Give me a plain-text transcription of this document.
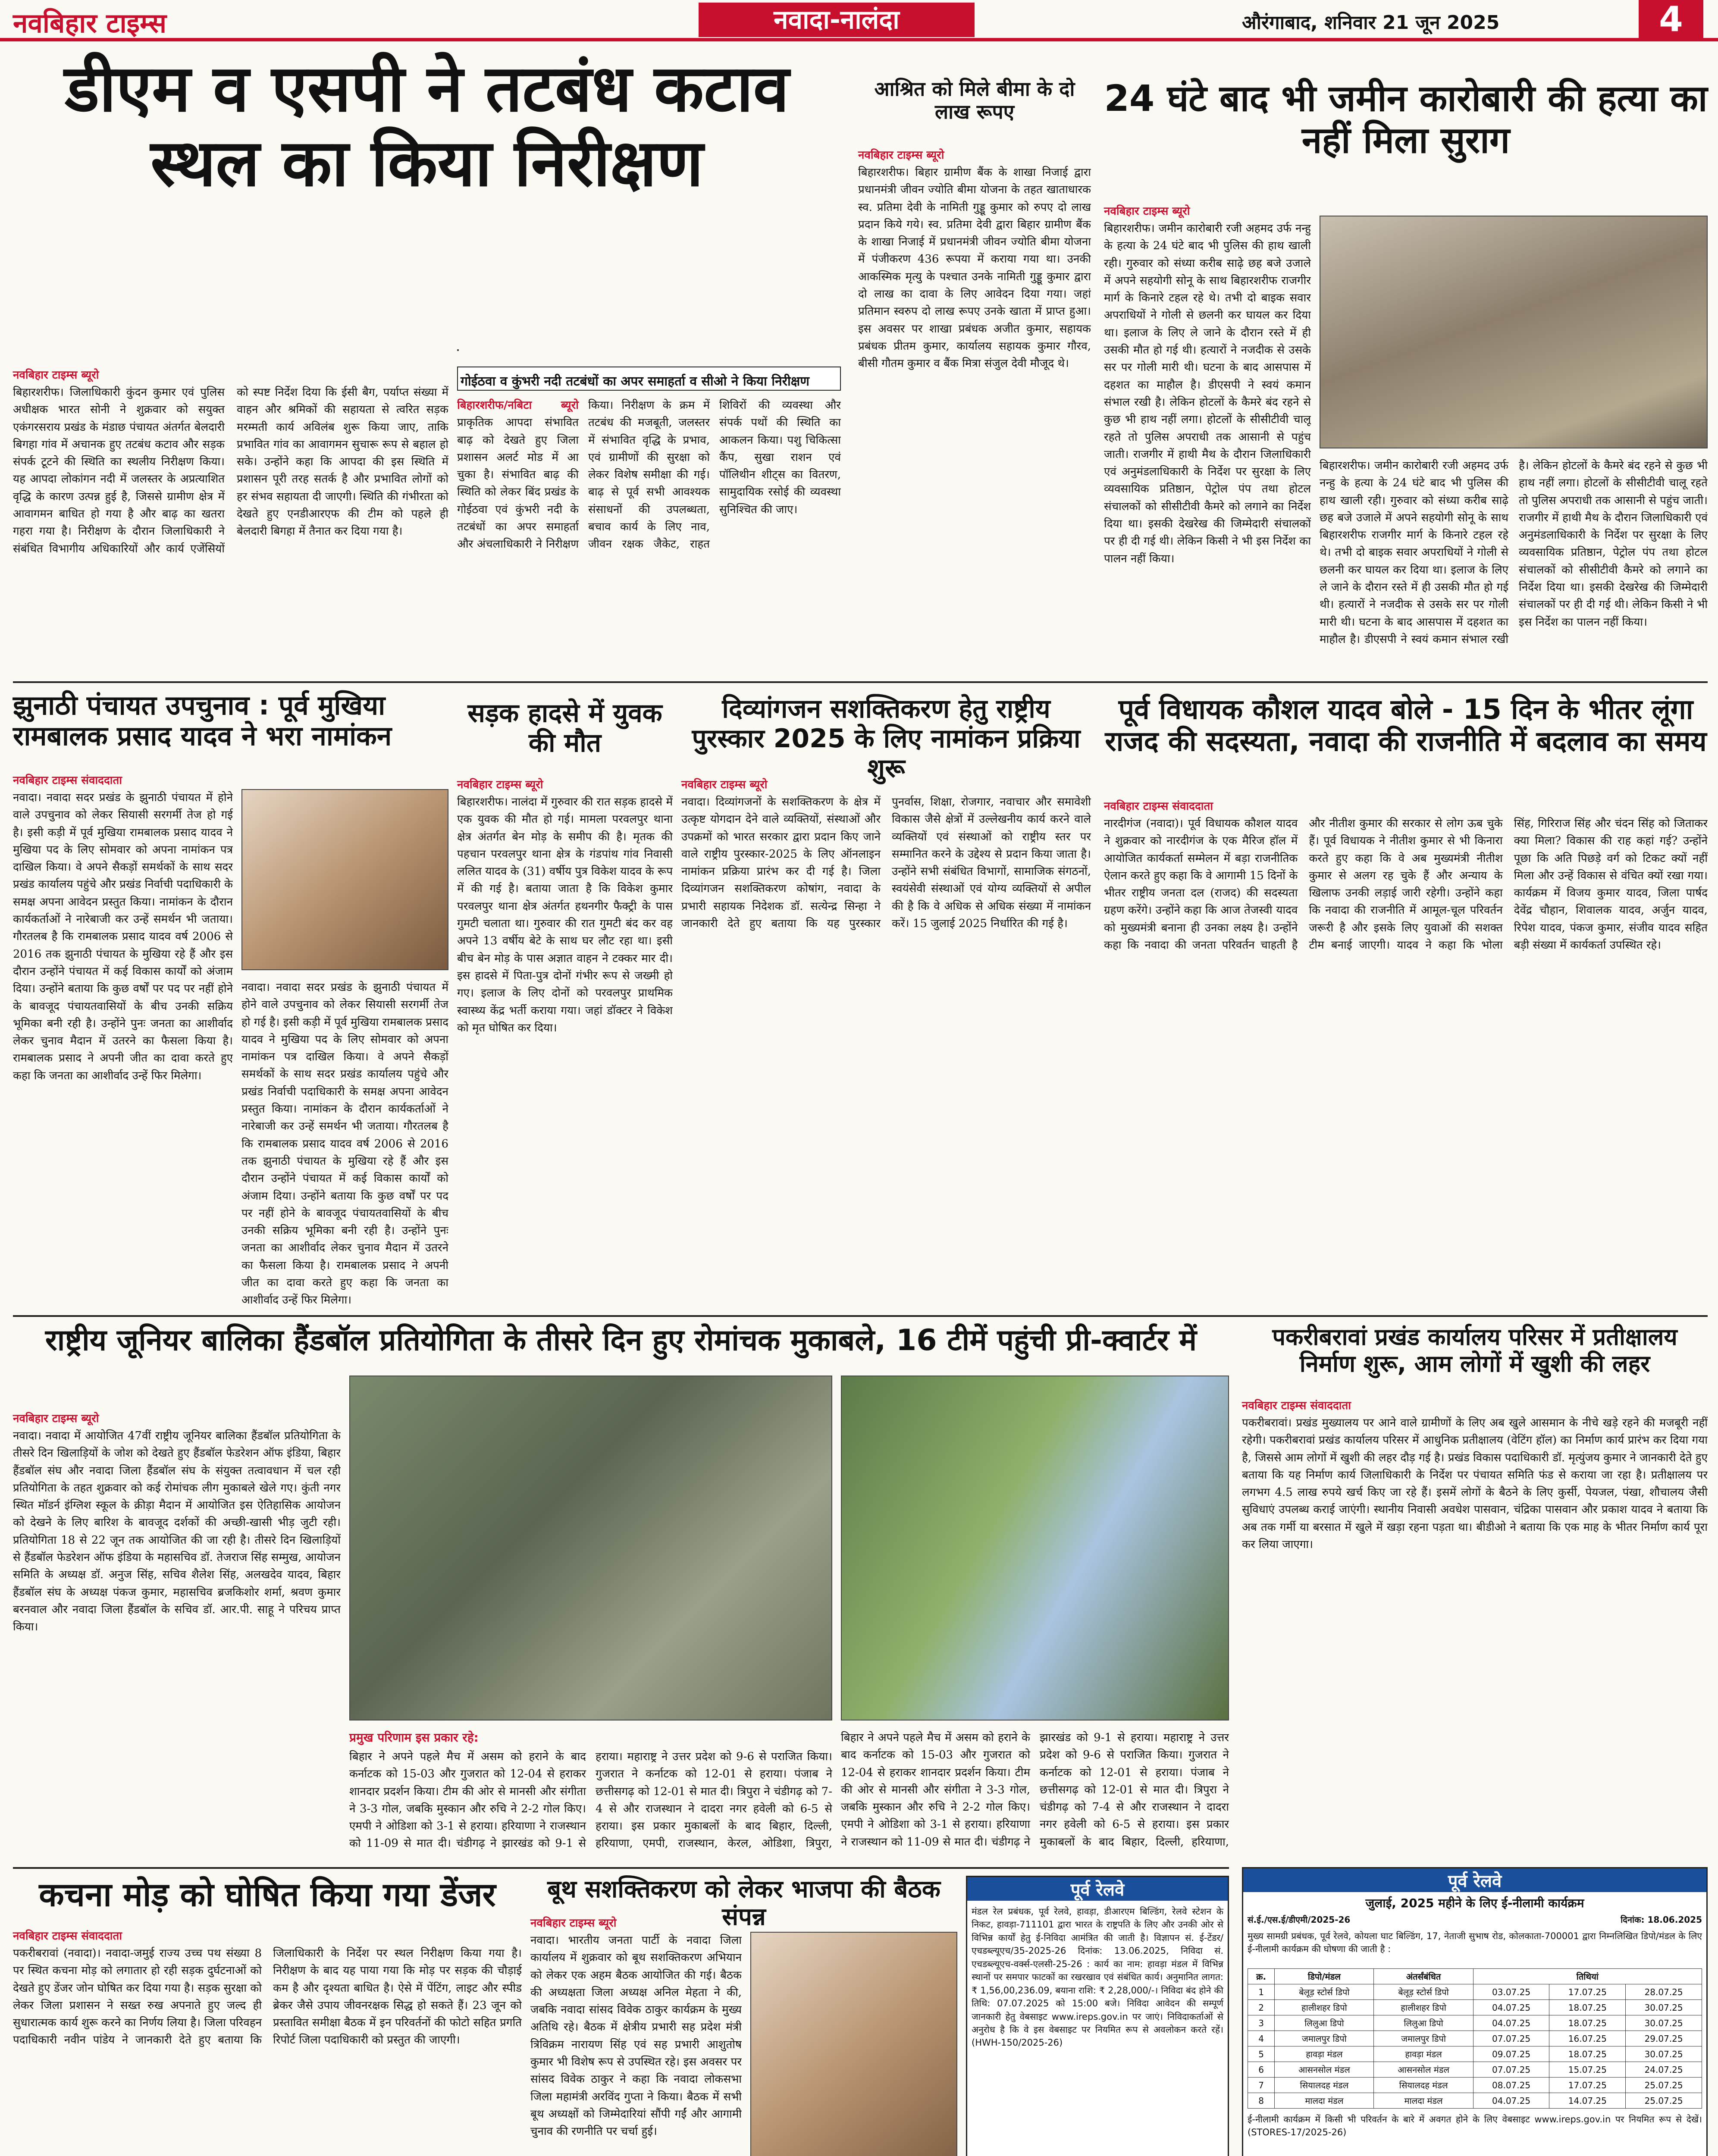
नवबिहार टाइम्स	नवादा-नालंदा	औरंगाबाद, शनिवार 21 जून 2025	4
डीएम व एसपी ने तटबंध कटाव स्थल का किया निरीक्षण
नवबिहार टाइम्स ब्यूरो
बिहारशरीफ। जिलाधिकारी कुंदन कुमार एवं पुलिस अधीक्षक भारत सोनी ने शुक्रवार को सयुक्त एकंगरसराय प्रखंड के मंडाछ पंचायत अंतर्गत बेलदारी बिगहा गांव में अचानक हुए तटबंध कटाव और सड़क संपर्क टूटने की स्थिति का स्थलीय निरीक्षण किया। यह आपदा लोकांगन नदी में जलस्तर के अप्रत्याशित वृद्धि के कारण उत्पन्न हुई है, जिससे ग्रामीण क्षेत्र में आवागमन बाधित हो गया है और बाढ़ का खतरा गहरा गया है। निरीक्षण के दौरान जिलाधिकारी ने संबंधित विभागीय अधिकारियों और कार्य एजेंसियों को स्पष्ट निर्देश दिया कि ईसी बैग, पर्याप्त संख्या में वाहन और श्रमिकों की सहायता से त्वरित सड़क मरम्मती कार्य अविलंब शुरू किया जाए, ताकि प्रभावित गांव का आवागमन सुचारू रूप से बहाल हो सके। उन्होंने कहा कि आपदा की इस स्थिति में प्रशासन पूरी तरह सतर्क है और प्रभावित लोगों को हर संभव सहायता दी जाएगी। स्थिति की गंभीरता को देखते हुए एनडीआरएफ की टीम को पहले ही बेलदारी बिगहा में तैनात कर दिया गया है।
गोईठवा व कुंभरी नदी तटबंधों का अपर समाहर्ता व सीओ ने किया निरीक्षण
बिहारशरीफ/नबिटा ब्यूरो प्राकृतिक आपदा संभावित बाढ़ को देखते हुए जिला प्रशासन अलर्ट मोड में आ चुका है। संभावित बाढ़ की स्थिति को लेकर बिंद प्रखंड के गोईठवा एवं कुंभरी नदी के तटबंधों का अपर समाहर्ता और अंचलाधिकारी ने निरीक्षण किया। निरीक्षण के क्रम में तटबंध की मजबूती, जलस्तर में संभावित वृद्धि के प्रभाव, एवं ग्रामीणों की सुरक्षा को लेकर विशेष समीक्षा की गई। बाढ़ से पूर्व सभी आवश्यक संसाधनों की उपलब्धता, बचाव कार्य के लिए नाव, जीवन रक्षक जैकेट, राहत शिविरों की व्यवस्था और संपर्क पथों की स्थिति का आकलन किया। पशु चिकित्सा कैंप, सुखा राशन एवं पॉलिथीन शीट्स का वितरण, सामुदायिक रसोई की व्यवस्था सुनिश्चित की जाए।
आश्रित को मिले बीमा के दो लाख रूपए
नवबिहार टाइम्स ब्यूरो
बिहारशरीफ। बिहार ग्रामीण बैंक के शाखा निजाई द्वारा प्रधानमंत्री जीवन ज्योति बीमा योजना के तहत खाताधारक स्व. प्रतिमा देवी के नामिती गुड्डू कुमार को रुपए दो लाख प्रदान किये गये। स्व. प्रतिमा देवी द्वारा बिहार ग्रामीण बैंक के शाखा निजाई में प्रधानमंत्री जीवन ज्योति बीमा योजना में पंजीकरण 436 रूपया में कराया गया था। उनकी आकस्मिक मृत्यु के पश्चात उनके नामिती गुड्डू कुमार द्वारा दो लाख का दावा के लिए आवेदन दिया गया। जहां प्रतिमान स्वरुप दो लाख रूपए उनके खाता में प्राप्त हुआ। इस अवसर पर शाखा प्रबंधक अजीत कुमार, सहायक प्रबंधक प्रीतम कुमार, कार्यालय सहायक कुमार गौरव, बीसी गौतम कुमार व बैंक मित्रा संजुल देवी मौजूद थे।
24 घंटे बाद भी जमीन कारोबारी की हत्या का नहीं मिला सुराग
नवबिहार टाइम्स ब्यूरो
बिहारशरीफ। जमीन कारोबारी रजी अहमद उर्फ नन्हु के हत्या के 24 घंटे बाद भी पुलिस की हाथ खाली रही। गुरुवार को संध्या करीब साढ़े छह बजे उजाले में अपने सहयोगी सोनू के साथ बिहारशरीफ राजगीर मार्ग के किनारे टहल रहे थे। तभी दो बाइक सवार अपराधियों ने गोली से छलनी कर घायल कर दिया था। इलाज के लिए ले जाने के दौरान रस्ते में ही उसकी मौत हो गई थी। हत्यारों ने नजदीक से उसके सर पर गोली मारी थी। घटना के बाद आसपास में दहशत का माहौल है। डीएसपी ने स्वयं कमान संभाल रखी है। लेकिन होटलों के कैमरे बंद रहने से कुछ भी हाथ नहीं लगा। होटलों के सीसीटीवी चालू रहते तो पुलिस अपराधी तक आसानी से पहुंच जाती। राजगीर में हाथी मैथ के दौरान जिलाधिकारी एवं अनुमंडलाधिकारी के निर्देश पर सुरक्षा के लिए व्यवसायिक प्रतिष्ठान, पेट्रोल पंप तथा होटल संचालकों को सीसीटीवी कैमरे को लगाने का निर्देश दिया था। इसकी देखरेख की जिम्मेदारी संचालकों पर ही दी गई थी। लेकिन किसी ने भी इस निर्देश का पालन नहीं किया।
बिहारशरीफ। जमीन कारोबारी रजी अहमद उर्फ नन्हु के हत्या के 24 घंटे बाद भी पुलिस की हाथ खाली रही। गुरुवार को संध्या करीब साढ़े छह बजे उजाले में अपने सहयोगी सोनू के साथ बिहारशरीफ राजगीर मार्ग के किनारे टहल रहे थे। तभी दो बाइक सवार अपराधियों ने गोली से छलनी कर घायल कर दिया था। इलाज के लिए ले जाने के दौरान रस्ते में ही उसकी मौत हो गई थी। हत्यारों ने नजदीक से उसके सर पर गोली मारी थी। घटना के बाद आसपास में दहशत का माहौल है। डीएसपी ने स्वयं कमान संभाल रखी है। लेकिन होटलों के कैमरे बंद रहने से कुछ भी हाथ नहीं लगा। होटलों के सीसीटीवी चालू रहते तो पुलिस अपराधी तक आसानी से पहुंच जाती। राजगीर में हाथी मैथ के दौरान जिलाधिकारी एवं अनुमंडलाधिकारी के निर्देश पर सुरक्षा के लिए व्यवसायिक प्रतिष्ठान, पेट्रोल पंप तथा होटल संचालकों को सीसीटीवी कैमरे को लगाने का निर्देश दिया था। इसकी देखरेख की जिम्मेदारी संचालकों पर ही दी गई थी। लेकिन किसी ने भी इस निर्देश का पालन नहीं किया।
झुनाठी पंचायत उपचुनाव : पूर्व मुखिया रामबालक प्रसाद यादव ने भरा नामांकन
नवबिहार टाइम्स संवाददाता
नवादा। नवादा सदर प्रखंड के झुनाठी पंचायत में होने वाले उपचुनाव को लेकर सियासी सरगर्मी तेज हो गई है। इसी कड़ी में पूर्व मुखिया रामबालक प्रसाद यादव ने मुखिया पद के लिए सोमवार को अपना नामांकन पत्र दाखिल किया। वे अपने सैकड़ों समर्थकों के साथ सदर प्रखंड कार्यालय पहुंचे और प्रखंड निर्वाची पदाधिकारी के समक्ष अपना आवेदन प्रस्तुत किया। नामांकन के दौरान कार्यकर्ताओं ने नारेबाजी कर उन्हें समर्थन भी जताया। गौरतलब है कि रामबालक प्रसाद यादव वर्ष 2006 से 2016 तक झुनाठी पंचायत के मुखिया रहे हैं और इस दौरान उन्होंने पंचायत में कई विकास कार्यों को अंजाम दिया। उन्होंने बताया कि कुछ वर्षों पर पद पर नहीं होने के बावजूद पंचायतवासियों के बीच उनकी सक्रिय भूमिका बनी रही है। उन्होंने पुनः जनता का आशीर्वाद लेकर चुनाव मैदान में उतरने का फैसला किया है। रामबालक प्रसाद ने अपनी जीत का दावा करते हुए कहा कि जनता का आशीर्वाद उन्हें फिर मिलेगा।
नवादा। नवादा सदर प्रखंड के झुनाठी पंचायत में होने वाले उपचुनाव को लेकर सियासी सरगर्मी तेज हो गई है। इसी कड़ी में पूर्व मुखिया रामबालक प्रसाद यादव ने मुखिया पद के लिए सोमवार को अपना नामांकन पत्र दाखिल किया। वे अपने सैकड़ों समर्थकों के साथ सदर प्रखंड कार्यालय पहुंचे और प्रखंड निर्वाची पदाधिकारी के समक्ष अपना आवेदन प्रस्तुत किया। नामांकन के दौरान कार्यकर्ताओं ने नारेबाजी कर उन्हें समर्थन भी जताया। गौरतलब है कि रामबालक प्रसाद यादव वर्ष 2006 से 2016 तक झुनाठी पंचायत के मुखिया रहे हैं और इस दौरान उन्होंने पंचायत में कई विकास कार्यों को अंजाम दिया। उन्होंने बताया कि कुछ वर्षों पर पद पर नहीं होने के बावजूद पंचायतवासियों के बीच उनकी सक्रिय भूमिका बनी रही है। उन्होंने पुनः जनता का आशीर्वाद लेकर चुनाव मैदान में उतरने का फैसला किया है। रामबालक प्रसाद ने अपनी जीत का दावा करते हुए कहा कि जनता का आशीर्वाद उन्हें फिर मिलेगा।
सड़क हादसे में युवक की मौत
नवबिहार टाइम्स ब्यूरो
बिहारशरीफ। नालंदा में गुरुवार की रात सड़क हादसे में एक युवक की मौत हो गई। मामला परवलपुर थाना क्षेत्र अंतर्गत बेन मोड़ के समीप की है। मृतक की पहचान परवलपुर थाना क्षेत्र के गंडपांथ गांव निवासी ललित यादव के (31) वर्षीय पुत्र विकेश यादव के रूप में की गई है। बताया जाता है कि विकेश कुमार परवलपुर थाना क्षेत्र अंतर्गत हथनगीर फैक्ट्री के पास गुमटी चलाता था। गुरुवार की रात गुमटी बंद कर वह अपने 13 वर्षीय बेटे के साथ घर लौट रहा था। इसी बीच बेन मोड़ के पास अज्ञात वाहन ने टक्कर मार दी। इस हादसे में पिता-पुत्र दोनों गंभीर रूप से जख्मी हो गए। इलाज के लिए दोनों को परवलपुर प्राथमिक स्वास्थ्य केंद्र भर्ती कराया गया। जहां डॉक्टर ने विकेश को मृत घोषित कर दिया।
दिव्यांगजन सशक्तिकरण हेतु राष्ट्रीय पुरस्कार 2025 के लिए नामांकन प्रक्रिया शुरू
नवबिहार टाइम्स ब्यूरो
नवादा। दिव्यांगजनों के सशक्तिकरण के क्षेत्र में उत्कृष्ट योगदान देने वाले व्यक्तियों, संस्थाओं और उपक्रमों को भारत सरकार द्वारा प्रदान किए जाने वाले राष्ट्रीय पुरस्कार-2025 के लिए ऑनलाइन नामांकन प्रक्रिया प्रारंभ कर दी गई है। जिला दिव्यांगजन सशक्तिकरण कोषांग, नवादा के प्रभारी सहायक निदेशक डॉ. सत्येन्द्र सिन्हा ने जानकारी देते हुए बताया कि यह पुरस्कार पुनर्वास, शिक्षा, रोजगार, नवाचार और समावेशी विकास जैसे क्षेत्रों में उल्लेखनीय कार्य करने वाले व्यक्तियों एवं संस्थाओं को राष्ट्रीय स्तर पर सम्मानित करने के उद्देश्य से प्रदान किया जाता है। उन्होंने सभी संबंधित विभागों, सामाजिक संगठनों, स्वयंसेवी संस्थाओं एवं योग्य व्यक्तियों से अपील की है कि वे अधिक से अधिक संख्या में नामांकन करें। 15 जुलाई 2025 निर्धारित की गई है।
पूर्व विधायक कौशल यादव बोले - 15 दिन के भीतर लूंगा राजद की सदस्यता, नवादा की राजनीति में बदलाव का समय
नवबिहार टाइम्स संवाददाता
नारदीगंज (नवादा)। पूर्व विधायक कौशल यादव ने शुक्रवार को नारदीगंज के एक मैरिज हॉल में आयोजित कार्यकर्ता सम्मेलन में बड़ा राजनीतिक ऐलान करते हुए कहा कि वे आगामी 15 दिनों के भीतर राष्ट्रीय जनता दल (राजद) की सदस्यता ग्रहण करेंगे। उन्होंने कहा कि आज तेजस्वी यादव को मुख्यमंत्री बनाना ही उनका लक्ष्य है। उन्होंने कहा कि नवादा की जनता परिवर्तन चाहती है और नीतीश कुमार की सरकार से लोग ऊब चुके हैं। पूर्व विधायक ने नीतीश कुमार से भी किनारा करते हुए कहा कि वे अब मुख्यमंत्री नीतीश कुमार से अलग रह चुके हैं और अन्याय के खिलाफ उनकी लड़ाई जारी रहेगी। उन्होंने कहा कि नवादा की राजनीति में आमूल-चूल परिवर्तन जरूरी है और इसके लिए युवाओं की सशक्त टीम बनाई जाएगी। यादव ने कहा कि भोला सिंह, गिरिराज सिंह और चंदन सिंह को जिताकर क्या मिला? विकास की राह कहां गई? उन्होंने पूछा कि अति पिछड़े वर्ग को टिकट क्यों नहीं मिला और उन्हें विकास से वंचित क्यों रखा गया। कार्यक्रम में विजय कुमार यादव, जिला पार्षद देवेंद्र चौहान, शिवालक यादव, अर्जुन यादव, रिपेश यादव, पंकज कुमार, संजीव यादव सहित बड़ी संख्या में कार्यकर्ता उपस्थित रहे।
राष्ट्रीय जूनियर बालिका हैंडबॉल प्रतियोगिता के तीसरे दिन हुए रोमांचक मुकाबले, 16 टीमें पहुंची प्री-क्वार्टर में
नवबिहार टाइम्स ब्यूरो
नवादा। नवादा में आयोजित 47वीं राष्ट्रीय जूनियर बालिका हैंडबॉल प्रतियोगिता के तीसरे दिन खिलाड़ियों के जोश को देखते हुए हैंडबॉल फेडरेशन ऑफ इंडिया, बिहार हैंडबॉल संघ और नवादा जिला हैंडबॉल संघ के संयुक्त तत्वावधान में चल रही प्रतियोगिता के तहत शुक्रवार को कई रोमांचक लीग मुकाबले खेले गए। कुंती नगर स्थित मॉडर्न इंग्लिश स्कूल के क्रीड़ा मैदान में आयोजित इस ऐतिहासिक आयोजन को देखने के लिए बारिश के बावजूद दर्शकों की अच्छी-खासी भीड़ जुटी रही। प्रतियोगिता 18 से 22 जून तक आयोजित की जा रही है। तीसरे दिन खिलाड़ियों से हैंडबॉल फेडरेशन ऑफ इंडिया के महासचिव डॉ. तेजराज सिंह सम्मुख, आयोजन समिति के अध्यक्ष डॉ. अनुज सिंह, सचिव शैलेश सिंह, अलखदेव यादव, बिहार हैंडबॉल संघ के अध्यक्ष पंकज कुमार, महासचिव ब्रजकिशोर शर्मा, श्रवण कुमार बरनवाल और नवादा जिला हैंडबॉल के सचिव डॉ. आर.पी. साहू ने परिचय प्राप्त किया।
प्रमुख परिणाम इस प्रकार रहे:
बिहार ने अपने पहले मैच में असम को हराने के बाद कर्नाटक को 15-03 और गुजरात को 12-04 से हराकर शानदार प्रदर्शन किया। टीम की ओर से मानसी और संगीता ने 3-3 गोल, जबकि मुस्कान और रुचि ने 2-2 गोल किए। एमपी ने ओडिशा को 3-1 से हराया। हरियाणा ने राजस्थान को 11-09 से मात दी। चंडीगढ़ ने झारखंड को 9-1 से हराया। महाराष्ट्र ने उत्तर प्रदेश को 9-6 से पराजित किया। गुजरात ने कर्नाटक को 12-01 से हराया। पंजाब ने छत्तीसगढ़ को 12-01 से मात दी। त्रिपुरा ने चंडीगढ़ को 7-4 से और राजस्थान ने दादरा नगर हवेली को 6-5 से हराया। इस प्रकार मुकाबलों के बाद बिहार, दिल्ली, हरियाणा, एमपी, राजस्थान, केरल, ओडिशा, त्रिपुरा,
बिहार ने अपने पहले मैच में असम को हराने के बाद कर्नाटक को 15-03 और गुजरात को 12-04 से हराकर शानदार प्रदर्शन किया। टीम की ओर से मानसी और संगीता ने 3-3 गोल, जबकि मुस्कान और रुचि ने 2-2 गोल किए। एमपी ने ओडिशा को 3-1 से हराया। हरियाणा ने राजस्थान को 11-09 से मात दी। चंडीगढ़ ने झारखंड को 9-1 से हराया। महाराष्ट्र ने उत्तर प्रदेश को 9-6 से पराजित किया। गुजरात ने कर्नाटक को 12-01 से हराया। पंजाब ने छत्तीसगढ़ को 12-01 से मात दी। त्रिपुरा ने चंडीगढ़ को 7-4 से और राजस्थान ने दादरा नगर हवेली को 6-5 से हराया। इस प्रकार मुकाबलों के बाद बिहार, दिल्ली, हरियाणा,
पकरीबरावां प्रखंड कार्यालय परिसर में प्रतीक्षालय निर्माण शुरू, आम लोगों में खुशी की लहर
नवबिहार टाइम्स संवाददाता
पकरीबरावां। प्रखंड मुख्यालय पर आने वाले ग्रामीणों के लिए अब खुले आसमान के नीचे खड़े रहने की मजबूरी नहीं रहेगी। पकरीबरावां प्रखंड कार्यालय परिसर में आधुनिक प्रतीक्षालय (वेटिंग हॉल) का निर्माण कार्य प्रारंभ कर दिया गया है, जिससे आम लोगों में खुशी की लहर दौड़ गई है। प्रखंड विकास पदाधिकारी डॉ. मृत्युंजय कुमार ने जानकारी देते हुए बताया कि यह निर्माण कार्य जिलाधिकारी के निर्देश पर पंचायत समिति फंड से कराया जा रहा है। प्रतीक्षालय पर लगभग 4.5 लाख रुपये खर्च किए जा रहे हैं। इसमें लोगों के बैठने के लिए कुर्सी, पेयजल, पंखा, शौचालय जैसी सुविधाएं उपलब्ध कराई जाएंगी। स्थानीय निवासी अवधेश पासवान, चंद्रिका पासवान और प्रकाश यादव ने बताया कि अब तक गर्मी या बरसात में खुले में खड़ा रहना पड़ता था। बीडीओ ने बताया कि एक माह के भीतर निर्माण कार्य पूरा कर लिया जाएगा।
कचना मोड़ को घोषित किया गया डेंजर
नवबिहार टाइम्स संवाददाता
पकरीबरावां (नवादा)। नवादा-जमुई राज्य उच्च पथ संख्या 8 पर स्थित कचना मोड़ को लगातार हो रही सड़क दुर्घटनाओं को देखते हुए डेंजर जोन घोषित कर दिया गया है। सड़क सुरक्षा को लेकर जिला प्रशासन ने सख्त रुख अपनाते हुए जल्द ही सुधारात्मक कार्य शुरू करने का निर्णय लिया है। जिला परिवहन पदाधिकारी नवीन पांडेय ने जानकारी देते हुए बताया कि जिलाधिकारी के निर्देश पर स्थल निरीक्षण किया गया है। निरीक्षण के बाद यह पाया गया कि मोड़ पर सड़क की चौड़ाई कम है और दृश्यता बाधित है। ऐसे में पेंटिंग, लाइट और स्पीड ब्रेकर जैसे उपाय जीवनरक्षक सिद्ध हो सकते हैं। 23 जून को प्रस्तावित समीक्षा बैठक में इन परिवर्तनों की फोटो सहित प्रगति रिपोर्ट जिला पदाधिकारी को प्रस्तुत की जाएगी।
बूथ सशक्तिकरण को लेकर भाजपा की बैठक संपन्न
नवबिहार टाइम्स ब्यूरो
नवादा। भारतीय जनता पार्टी के नवादा जिला कार्यालय में शुक्रवार को बूथ सशक्तिकरण अभियान को लेकर एक अहम बैठक आयोजित की गई। बैठक की अध्यक्षता जिला अध्यक्ष अनिल मेहता ने की, जबकि नवादा सांसद विवेक ठाकुर कार्यक्रम के मुख्य अतिथि रहे। बैठक में क्षेत्रीय प्रभारी सह प्रदेश मंत्री त्रिविक्रम नारायण सिंह एवं सह प्रभारी आशुतोष कुमार भी विशेष रूप से उपस्थित रहे। इस अवसर पर सांसद विवेक ठाकुर ने कहा कि नवादा लोकसभा जिला महामंत्री अरविंद गुप्ता ने किया। बैठक में सभी बूथ अध्यक्षों को जिम्मेदारियां सौंपी गईं और आगामी चुनाव की रणनीति पर चर्चा हुई।
पूर्व रेलवे
मंडल रेल प्रबंधक, पूर्व रेलवे, हावड़ा, डीआरएम बिल्डिंग, रेलवे स्टेशन के निकट, हावड़ा-711101 द्वारा भारत के राष्ट्रपति के लिए और उनकी ओर से विभिन्न कार्यों हेतु ई-निविदा आमंत्रित की जाती है। विज्ञापन सं. ई-टेंडर/एचडब्ल्यूएच/35-2025-26 दिनांक: 13.06.2025, निविदा सं. एचडब्ल्यूएच-वर्क्स-एलसी-25-26 : कार्य का नाम: हावड़ा मंडल में विभिन्न स्थानों पर समपार फाटकों का रखरखाव एवं संबंधित कार्य। अनुमानित लागत: ₹ 1,56,00,236.09, बयाना राशि: ₹ 2,28,000/-। निविदा बंद होने की तिथि: 07.07.2025 को 15:00 बजे। निविदा आवेदन की सम्पूर्ण जानकारी हेतु वेबसाइट www.ireps.gov.in पर जाएं। निविदाकर्ताओं से अनुरोध है कि वे इस वेबसाइट पर नियमित रूप से अवलोकन करते रहें। (HWH-150/2025-26)
पूर्व रेलवे
जुलाई, 2025 महीने के लिए ई-नीलामी कार्यक्रम
सं.ई./एस.ई/डीएमी/2025-26	दिनांक: 18.06.2025
मुख्य सामग्री प्रबंधक, पूर्व रेलवे, कोयला घाट बिल्डिंग, 17, नेताजी सुभाष रोड, कोलकाता-700001 द्वारा निम्नलिखित डिपो/मंडल के लिए ई-नीलामी कार्यक्रम की घोषणा की जाती है :
क्र.	डिपो/मंडल	अंतर्संबंधित	तिथियां		
1	बेलूड़ स्टोर्स डिपो	बेलूड़ स्टोर्स डिपो	03.07.25	17.07.25	28.07.25
2	हालीशहर डिपो	हालीशहर डिपो	04.07.25	18.07.25	30.07.25
3	लिलुआ डिपो	लिलुआ डिपो	04.07.25	18.07.25	30.07.25
4	जमालपुर डिपो	जमालपुर डिपो	07.07.25	16.07.25	29.07.25
5	हावड़ा मंडल	हावड़ा मंडल	09.07.25	18.07.25	30.07.25
6	आसनसोल मंडल	आसनसोल मंडल	07.07.25	15.07.25	24.07.25
7	सियालदह मंडल	सियालदह मंडल	08.07.25	17.07.25	25.07.25
8	मालदा मंडल	मालदा मंडल	04.07.25	14.07.25	25.07.25
ई-नीलामी कार्यक्रम में किसी भी परिवर्तन के बारे में अवगत होने के लिए वेबसाइट www.ireps.gov.in पर नियमित रूप से देखें। (STORES-17/2025-26)
